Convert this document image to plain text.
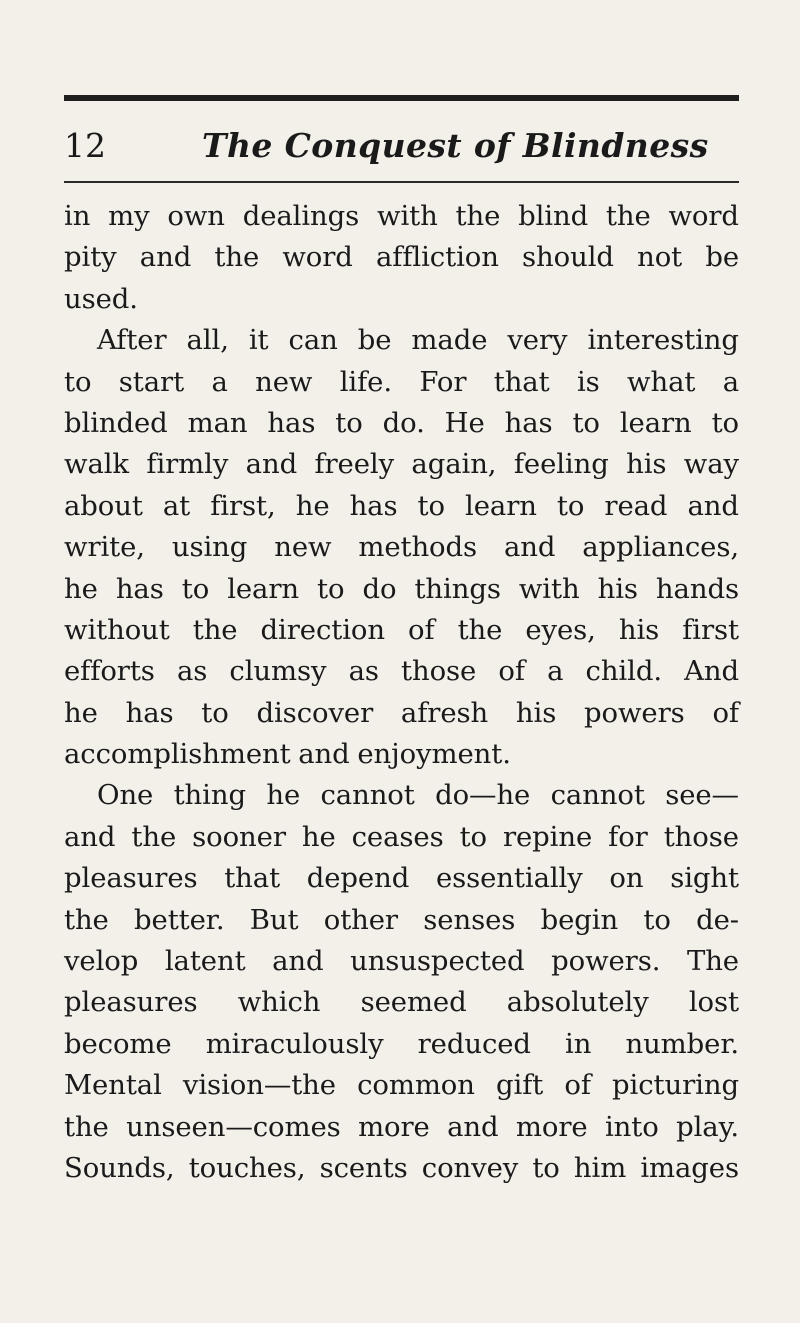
12	The Conquest of Blindness
in my own dealings with the blind the word
pity and the word affliction should not be
used.
After all, it can be made very interesting
to start a new life. For that is what a
blinded man has to do. He has to learn to
walk firmly and freely again, feeling his way
about at first, he has to learn to read and
write, using new methods and appliances,
he has to learn to do things with his hands
without the direction of the eyes, his first
efforts as clumsy as those of a child. And
he has to discover afresh his powers of
accomplishment and enjoyment.
One thing he cannot do—he cannot see—
and the sooner he ceases to repine for those
pleasures that depend essentially on sight
the better. But other senses begin to de-
velop latent and unsuspected powers. The
pleasures which seemed absolutely lost
become miraculously reduced in number.
Mental vision—the common gift of picturing
the unseen—comes more and more into play.
Sounds, touches, scents convey to him images
